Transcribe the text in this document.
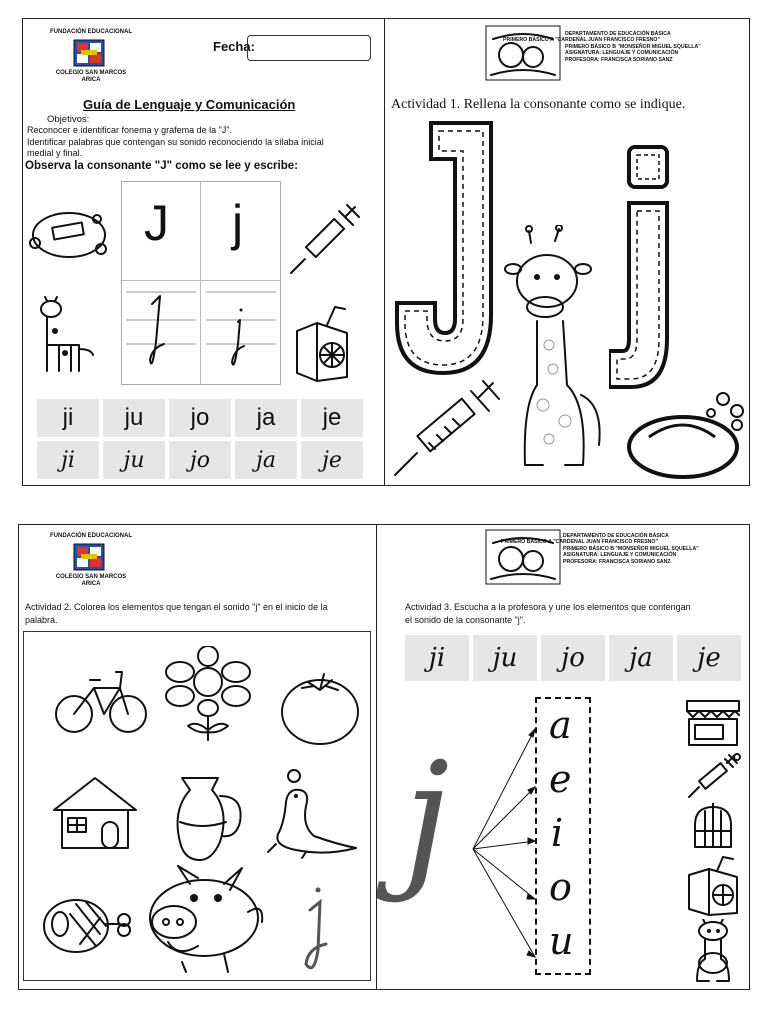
FUNDACIÓN EDUCACIONAL
COLEGIO SAN MARCOS
ARICA
Fecha:
Guía de Lenguaje y Comunicación
Objetivos:
Reconocer e identificar fonema y grafema de la "J".
Identificar palabras que contengan su sonido reconociendo la sílaba inicial
medial y final.
Observa la consonante "J" como se lee y escribe:
J j
ji ju jo ja je
ji ju jo ja je
DEPARTAMENTO DE EDUCACIÓN BÁSICA
PRIMERO BÁSICO A "CARDENAL JUAN FRANCISCO FRESNO"
PRIMERO BÁSICO B "MONSEÑOR MIGUEL SQUELLA"
ASIGNATURA: LENGUAJE Y COMUNICACIÓN
PROFESORA: FRANCISCA SORIANO SANZ
Actividad 1. Rellena la consonante como se indique.
FUNDACIÓN EDUCACIONAL
COLEGIO SAN MARCOS
ARICA
Actividad 2. Colorea los elementos que tengan el sonido "j" en el inicio de la
palabra.
DEPARTAMENTO DE EDUCACIÓN BÁSICA
PRIMERO BÁSICO A "CARDENAL JUAN FRANCISCO FRESNO"
PRIMERO BÁSICO B "MONSEÑOR MIGUEL SQUELLA"
ASIGNATURA: LENGUAJE Y COMUNICACIÓN
PROFESORA: FRANCISCA SORIANO SANZ
Actividad 3. Escucha a la profesora y une los elementos que contengan
el sonido de la consonante "j".
ji ju jo ja je
j
a
e
i
o
u
